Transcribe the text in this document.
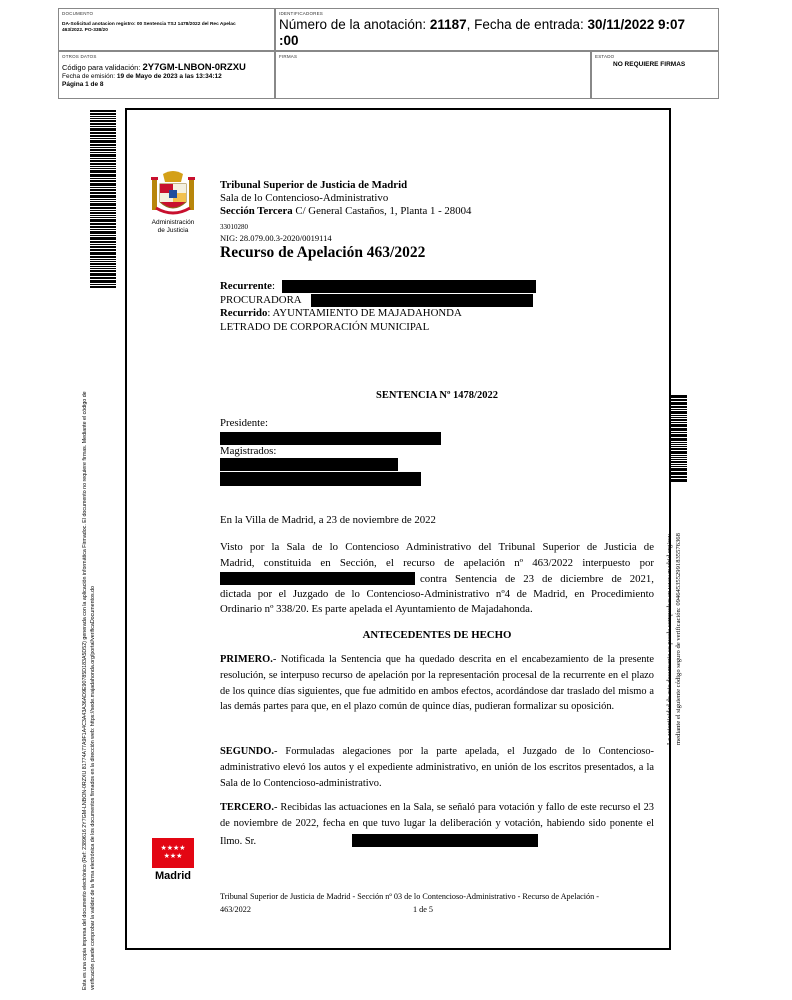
DOCUMENTO
DA-Solicitud anotacion registro: 00 Sentencia TSJ 1478/2022 del Rec Apelac 463/2022. PO-338/20
IDENTIFICADORES
Número de la anotación: 21187, Fecha de entrada: 30/11/2022 9:07
:00
OTROS DATOS
Código para validación: 2Y7GM-LNBON-0RZXU
Fecha de emisión: 19 de Mayo de 2023 a las 13:34:12
Página 1 de 8
FIRMAS	ESTADO
NO REQUIERE FIRMAS
Esta es una copia impresa del documento electrónico (Ref: 2389616 2Y7GM-LNBON-0RZXU 81774A77A9F1A4C3A43A36AD9E90785D183A5D52) generada con la aplicación informática Firmadoc. El documento no requiere firmas. Mediante el código de verificación puede comprobar la validez de la firma electrónica de los documentos firmados en la dirección web: https://sede.majadahonda.org/portal/verificaDocumentos.do
Administración
de Justicia
Tribunal Superior de Justicia de Madrid
Sala de lo Contencioso-Administrativo
Sección Tercera C/ General Castaños, 1, Planta 1 - 28004
33010280
NIG: 28.079.00.3-2020/0019114
Recurso de Apelación 463/2022
Recurrente:
PROCURADORA
Recurrido: AYUNTAMIENTO DE MAJADAHONDA
LETRADO DE CORPORACIÓN MUNICIPAL
SENTENCIA Nº 1478/2022
Presidente:
Magistrados:
En la Villa de Madrid, a 23 de noviembre de 2022
Visto por la Sala de lo Contencioso Administrativo del Tribunal Superior de Justicia de
Madrid, constituida en Sección, el recurso de apelación nº 463/2022 interpuesto por
contra Sentencia de 23 de diciembre de 2021,
dictada por el Juzgado de lo Contencioso-Administrativo nº4 de Madrid, en Procedimiento
Ordinario nº 338/20. Es parte apelada el Ayuntamiento de Majadahonda.
ANTECEDENTES DE HECHO
PRIMERO.- Notificada la Sentencia que ha quedado descrita en el encabezamiento de la presente resolución, se interpuso recurso de apelación por la representación procesal de la recurrente en el plazo de los quince días siguientes, que fue admitido en ambos efectos, acordándose dar traslado del mismo a las demás partes para que, en el plazo común de quince días, pudieran formalizar su oposición.
SEGUNDO.- Formuladas alegaciones por la parte apelada, el Juzgado de lo Contencioso-administrativo elevó los autos y el expediente administrativo, en unión de los escritos presentados, a la Sala de lo Contencioso-administrativo.
TERCERO.- Recibidas las actuaciones en la Sala, se señaló para votación y fallo de este recurso el 23 de noviembre de 2022, fecha en que tuvo lugar la deliberación y votación, habiendo sido ponente el Ilmo. Sr.
★★★★
★★★
Madrid
Tribunal Superior de Justicia de Madrid - Sección nº 03 de lo Contencioso-Administrativo - Recurso de Apelación -
463/2022	1 de 5
La autenticidad de este documento se puede comprobar en www.madrid.org/csv mediante el siguiente código seguro de verificación: 0946453552991835576368
